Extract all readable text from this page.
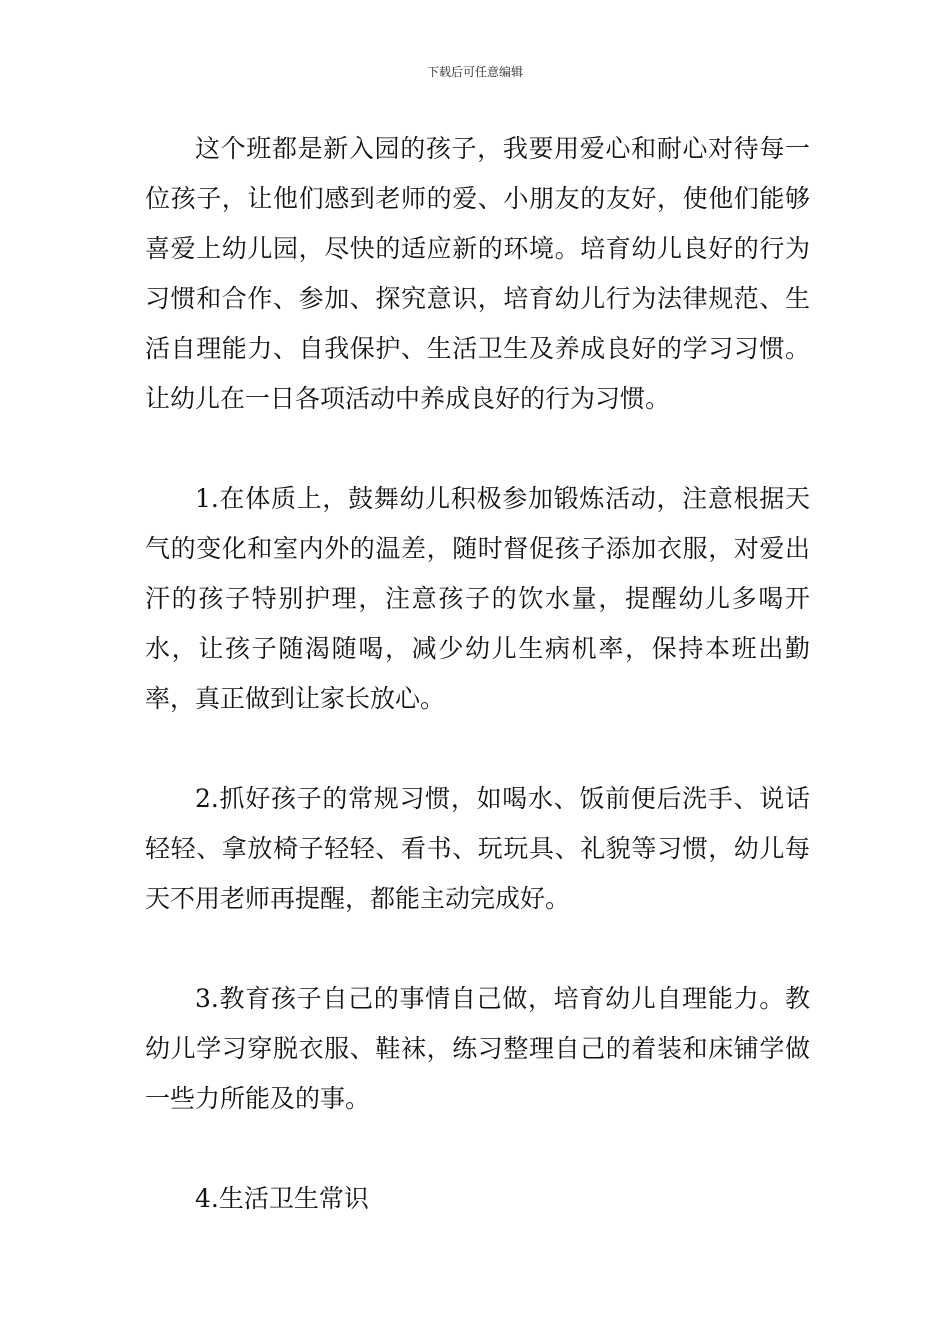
下载后可任意编辑

这个班都是新入园的孩子，我要用爱心和耐心对待每一位孩子，让他们感到老师的爱、小朋友的友好，使他们能够喜爱上幼儿园，尽快的适应新的环境。培育幼儿良好的行为习惯和合作、参加、探究意识，培育幼儿行为法律规范、生活自理能力、自我保护、生活卫生及养成良好的学习习惯。让幼儿在一日各项活动中养成良好的行为习惯。

1.在体质上，鼓舞幼儿积极参加锻炼活动，注意根据天气的变化和室内外的温差，随时督促孩子添加衣服，对爱出汗的孩子特别护理，注意孩子的饮水量，提醒幼儿多喝开水，让孩子随渴随喝，减少幼儿生病机率，保持本班出勤率，真正做到让家长放心。

2.抓好孩子的常规习惯，如喝水、饭前便后洗手、说话轻轻、拿放椅子轻轻、看书、玩玩具、礼貌等习惯，幼儿每天不用老师再提醒，都能主动完成好。

3.教育孩子自己的事情自己做，培育幼儿自理能力。教幼儿学习穿脱衣服、鞋袜，练习整理自己的着装和床铺学做一些力所能及的事。

4.生活卫生常识
